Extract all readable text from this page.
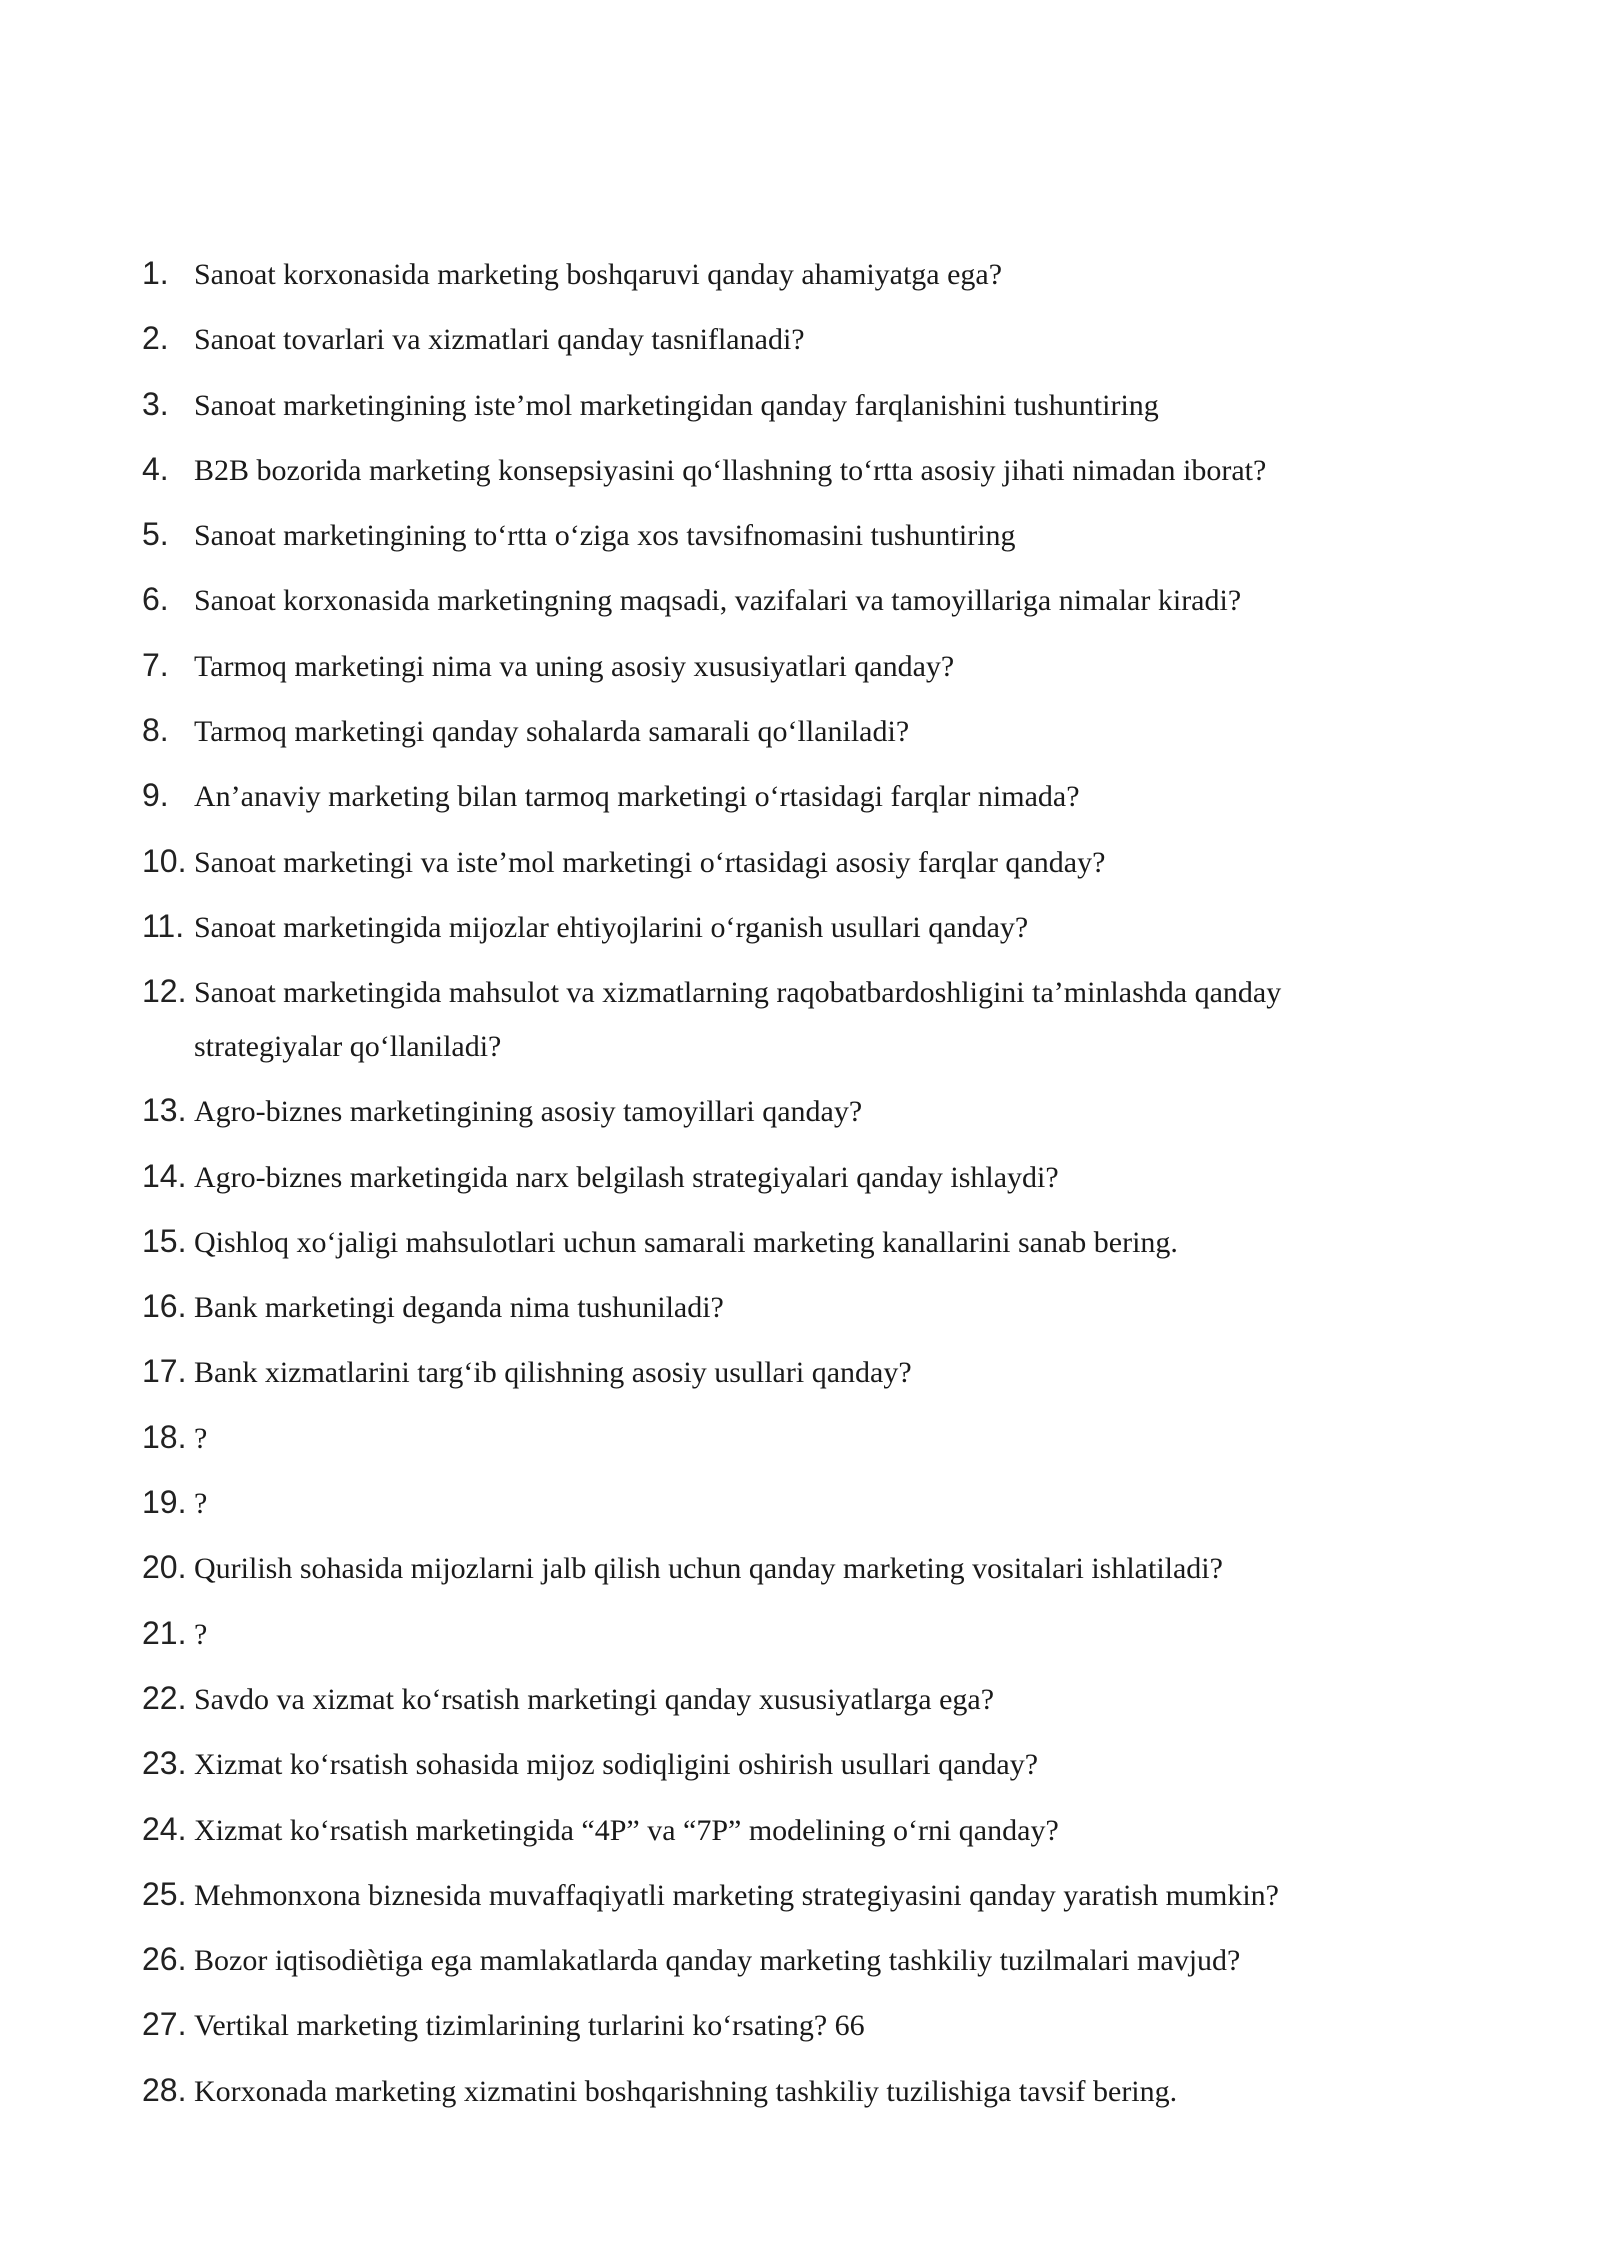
1. Sanoat korxonasida marketing boshqaruvi qanday ahamiyatga ega?
2. Sanoat tovarlari va xizmatlari qanday tasniflanadi?
3. Sanoat marketingining iste’mol marketingidan qanday farqlanishini tushuntiring
4. B2B bozorida marketing konsepsiyasini qo‘llashning to‘rtta asosiy jihati nimadan iborat?
5. Sanoat marketingining to‘rtta o‘ziga xos tavsifnomasini tushuntiring
6. Sanoat korxonasida marketingning maqsadi, vazifalari va tamoyillariga nimalar kiradi?
7. Tarmoq marketingi nima va uning asosiy xususiyatlari qanday?
8. Tarmoq marketingi qanday sohalarda samarali qo‘llaniladi?
9. An’anaviy marketing bilan tarmoq marketingi o‘rtasidagi farqlar nimada?
10. Sanoat marketingi va iste’mol marketingi o‘rtasidagi asosiy farqlar qanday?
11. Sanoat marketingida mijozlar ehtiyojlarini o‘rganish usullari qanday?
12. Sanoat marketingida mahsulot va xizmatlarning raqobatbardoshligini ta’minlashda qanday strategiyalar qo‘llaniladi?
13. Agro-biznes marketingining asosiy tamoyillari qanday?
14. Agro-biznes marketingida narx belgilash strategiyalari qanday ishlaydi?
15. Qishloq xo‘jaligi mahsulotlari uchun samarali marketing kanallarini sanab bering.
16. Bank marketingi deganda nima tushuniladi?
17. Bank xizmatlarini targ‘ib qilishning asosiy usullari qanday?
18. ?
19. ?
20. Qurilish sohasida mijozlarni jalb qilish uchun qanday marketing vositalari ishlatiladi?
21. ?
22. Savdo va xizmat ko‘rsatish marketingi qanday xususiyatlarga ega?
23. Xizmat ko‘rsatish sohasida mijoz sodiqligini oshirish usullari qanday?
24. Xizmat ko‘rsatish marketingida “4P” va “7P” modelining o‘rni qanday?
25. Mehmonxona biznesida muvaffaqiyatli marketing strategiyasini qanday yaratish mumkin?
26. Bozor iqtisodiètiga ega mamlakatlarda qanday marketing tashkiliy tuzilmalari mavjud?
27. Vertikal marketing tizimlarining turlarini ko‘rsating? 66
28. Korxonada marketing xizmatini boshqarishning tashkiliy tuzilishiga tavsif bering.
